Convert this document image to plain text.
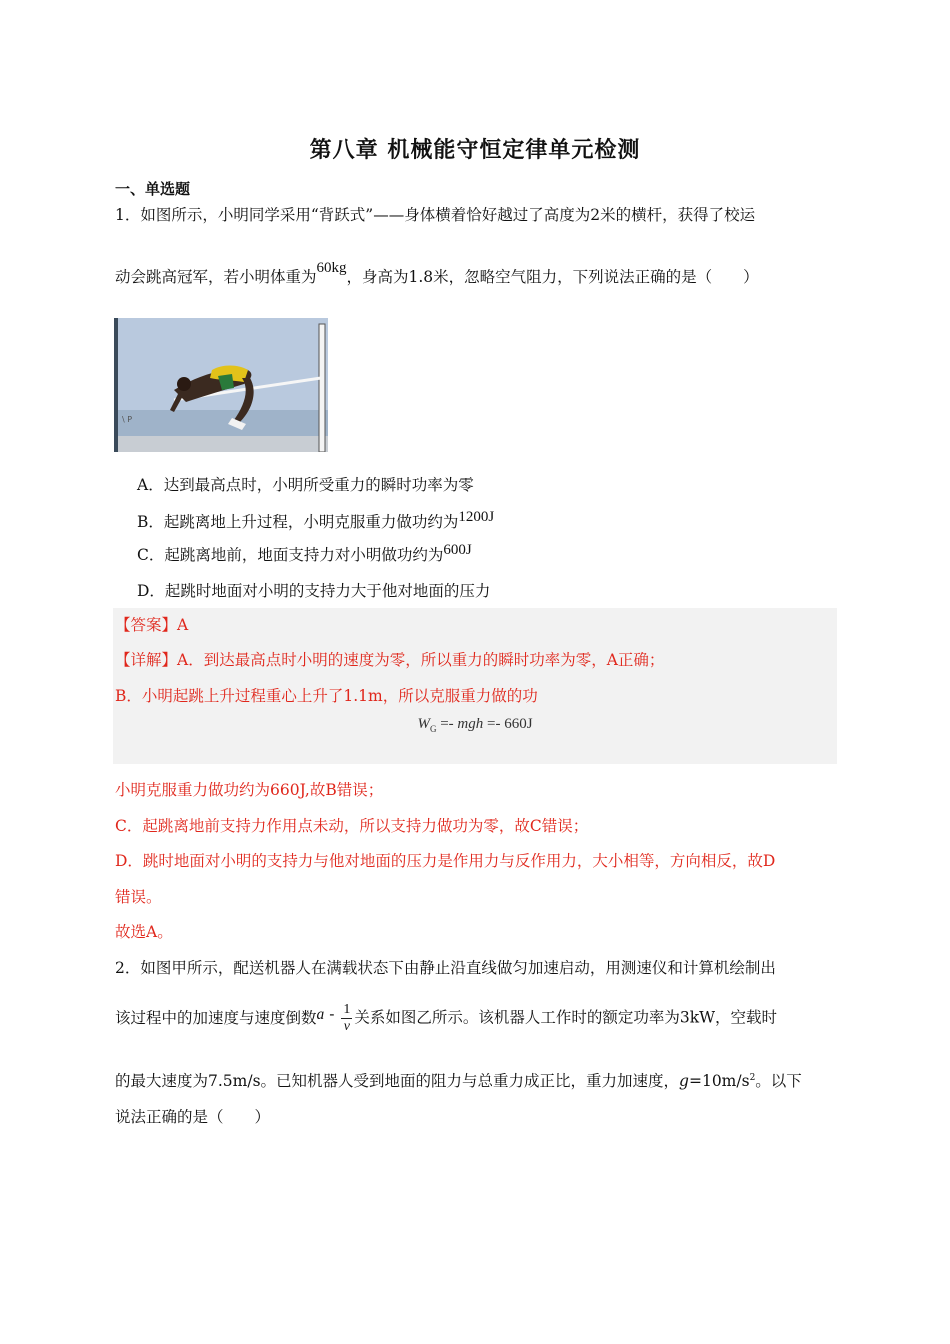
第八章 机械能守恒定律单元检测
一、单选题
1．如图所示，小明同学采用“背跃式”——身体横着恰好越过了高度为2米的横杆，获得了校运
动会跳高冠军，若小明体重为60kg，身高为1.8米，忽略空气阻力，下列说法正确的是（　　）
\ P
A．达到最高点时，小明所受重力的瞬时功率为零
B．起跳离地上升过程，小明克服重力做功约为1200J
C．起跳离地前，地面支持力对小明做功约为600J
D．起跳时地面对小明的支持力大于他对地面的压力
【答案】A
【详解】A．到达最高点时小明的速度为零，所以重力的瞬时功率为零，A正确；
B．小明起跳上升过程重心上升了1.1m，所以克服重力做的功
$W_G$ =- mgh =- 660J
小明克服重力做功约为660J,故B错误；
C．起跳离地前支持力作用点未动，所以支持力做功为零，故C错误；
D．跳时地面对小明的支持力与他对地面的压力是作用力与反作用力，大小相等，方向相反，故D
错误。
故选A。
2．如图甲所示，配送机器人在满载状态下由静止沿直线做匀加速启动，用测速仪和计算机绘制出
该过程中的加速度与速度倒数a - $\frac{1}{v}$ 关系如图乙所示。该机器人工作时的额定功率为3kW，空载时
的最大速度为7.5m/s。已知机器人受到地面的阻力与总重力成正比，重力加速度，$g=10m/s^2$。以下
说法正确的是（　　）
